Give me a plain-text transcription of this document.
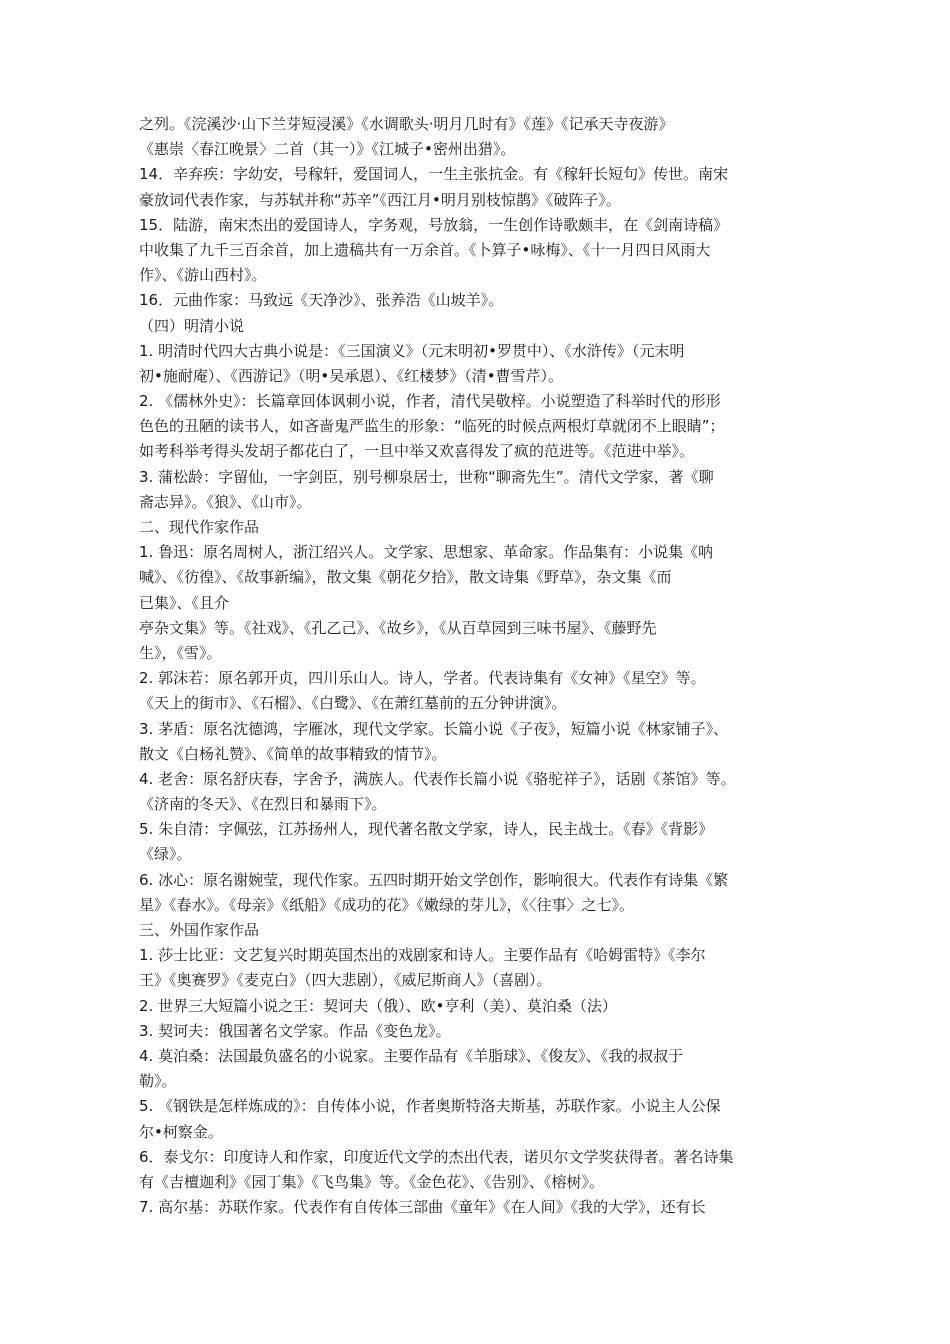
之列。《浣溪沙·山下兰芽短浸溪》《水调歌头·明月几时有》《莲》《记承天寺夜游》
《惠崇〈春江晚景〉二首（其一）》《江城子•密州出猎》。
14．辛弃疾：字幼安，号稼轩，爱国词人，一生主张抗金。有《稼轩长短句》传世。南宋
豪放词代表作家，与苏轼并称“苏辛”《西江月•明月别枝惊鹊》《破阵子》。
15．陆游，南宋杰出的爱国诗人，字务观，号放翁，一生创作诗歌颇丰，在《剑南诗稿》
中收集了九千三百余首，加上遗稿共有一万余首。《卜算子•咏梅》、《十一月四日风雨大
作》、《游山西村》。
16．元曲作家：马致远《天净沙》、张养浩《山坡羊》。
（四）明清小说
1. 明清时代四大古典小说是：《三国演义》（元末明初•罗贯中）、《水浒传》（元末明
初•施耐庵）、《西游记》（明•吴承恩）、《红楼梦》（清•曹雪芹）。
2. 《儒林外史》：长篇章回体讽刺小说，作者，清代吴敬梓。小说塑造了科举时代的形形
色色的丑陋的读书人，如吝啬鬼严监生的形象：“临死的时候点两根灯草就闭不上眼睛”；
如考科举考得头发胡子都花白了，一旦中举又欢喜得发了疯的范进等。《范进中举》。
3. 蒲松龄：字留仙，一字剑臣，别号柳泉居士，世称“聊斋先生”。清代文学家，著《聊
斋志异》。《狼》、《山市》。
二、现代作家作品
1. 鲁迅：原名周树人，浙江绍兴人。文学家、思想家、革命家。作品集有：小说集《呐
喊》、《彷徨》、《故事新编》，散文集《朝花夕拾》，散文诗集《野草》，杂文集《而
已集》、《且介
亭杂文集》等。《社戏》、《孔乙己》、《故乡》，《从百草园到三味书屋》、《藤野先
生》，《雪》。
2. 郭沫若：原名郭开贞，四川乐山人。诗人，学者。代表诗集有《女神》《星空》等。
《天上的街市》、《石榴》、《白鹭》、《在萧红墓前的五分钟讲演》。
3. 茅盾：原名沈德鸿，字雁冰，现代文学家。长篇小说《子夜》，短篇小说《林家铺子》、
散文《白杨礼赞》、《简单的故事精致的情节》。
4. 老舍：原名舒庆春，字舍予，满族人。代表作长篇小说《骆驼祥子》，话剧《茶馆》等。
《济南的冬天》、《在烈日和暴雨下》。
5. 朱自清：字佩弦，江苏扬州人，现代著名散文学家，诗人，民主战士。《春》《背影》
《绿》。
6. 冰心：原名谢婉莹，现代作家。五四时期开始文学创作，影响很大。代表作有诗集《繁
星》《春水》。《母亲》《纸船》《成功的花》《嫩绿的芽儿》，《〈往事〉之七》。
三、外国作家作品
1. 莎士比亚：文艺复兴时期英国杰出的戏剧家和诗人。主要作品有《哈姆雷特》《李尔
王》《奥赛罗》《麦克白》（四大悲剧），《威尼斯商人》（喜剧）。
2. 世界三大短篇小说之王：契诃夫（俄）、欧•亨利（美）、莫泊桑（法）
3. 契诃夫：俄国著名文学家。作品《变色龙》。
4. 莫泊桑：法国最负盛名的小说家。主要作品有《羊脂球》、《俊友》、《我的叔叔于
勒》。
5. 《钢铁是怎样炼成的》：自传体小说，作者奥斯特洛夫斯基，苏联作家。小说主人公保
尔•柯察金。
6．泰戈尔：印度诗人和作家，印度近代文学的杰出代表，诺贝尔文学奖获得者。著名诗集
有《吉檀迦利》《园丁集》《飞鸟集》等。《金色花》、《告别》、《榕树》。
7. 高尔基：苏联作家。代表作有自传体三部曲《童年》《在人间》《我的大学》，还有长
